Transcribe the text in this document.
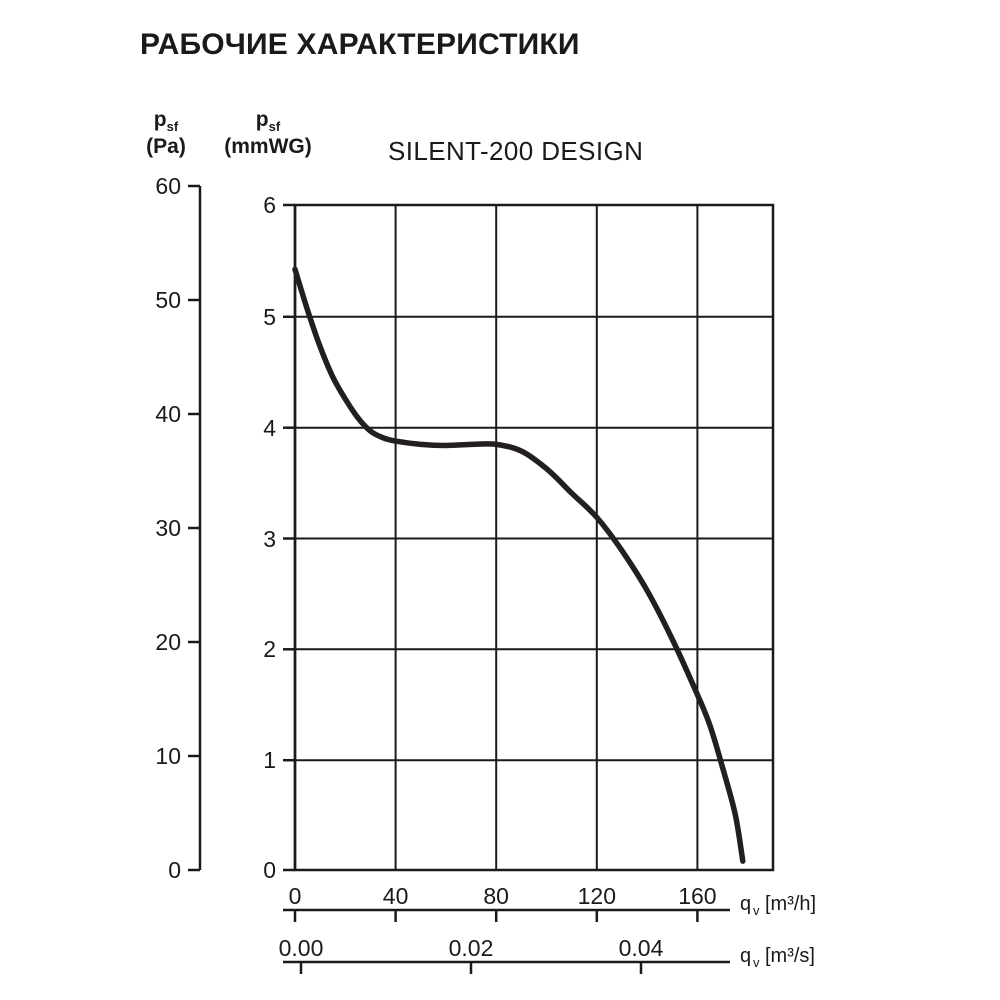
РАБОЧИЕ ХАРАКТЕРИСТИКИ
$p_{sf}$
(Pa)
$p_{sf}$
(mmWG)	SILENT-200 DESIGN
60
50
40
30
20
10
0
6
5
4
3
2
1
0
0	40	80	120	160 q v [m³/h]
0.00	0.02	0.04	q v [m³/s]
